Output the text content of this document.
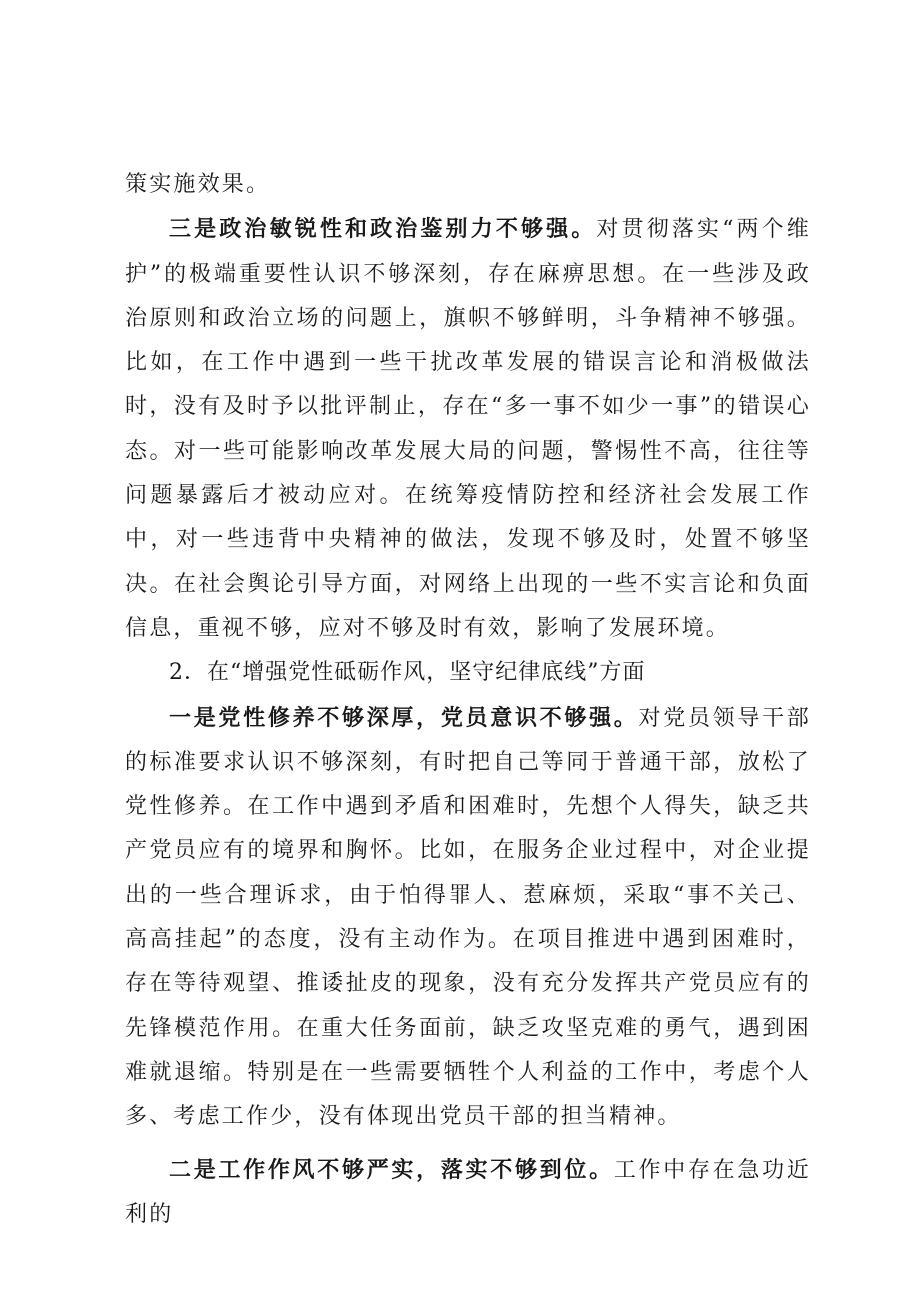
策实施效果。

三是政治敏锐性和政治鉴别力不够强。对贯彻落实“两个维护”的极端重要性认识不够深刻，存在麻痹思想。在一些涉及政治原则和政治立场的问题上，旗帜不够鲜明，斗争精神不够强。比如，在工作中遇到一些干扰改革发展的错误言论和消极做法时，没有及时予以批评制止，存在“多一事不如少一事”的错误心态。对一些可能影响改革发展大局的问题，警惕性不高，往往等问题暴露后才被动应对。在统筹疫情防控和经济社会发展工作中，对一些违背中央精神的做法，发现不够及时，处置不够坚决。在社会舆论引导方面，对网络上出现的一些不实言论和负面信息，重视不够，应对不够及时有效，影响了发展环境。

2．在“增强党性砥砺作风，坚守纪律底线”方面

一是党性修养不够深厚，党员意识不够强。对党员领导干部的标准要求认识不够深刻，有时把自己等同于普通干部，放松了党性修养。在工作中遇到矛盾和困难时，先想个人得失，缺乏共产党员应有的境界和胸怀。比如，在服务企业过程中，对企业提出的一些合理诉求，由于怕得罪人、惹麻烦，采取“事不关己、高高挂起”的态度，没有主动作为。在项目推进中遇到困难时，存在等待观望、推诿扯皮的现象，没有充分发挥共产党员应有的先锋模范作用。在重大任务面前，缺乏攻坚克难的勇气，遇到困难就退缩。特别是在一些需要牺牲个人利益的工作中，考虑个人多、考虑工作少，没有体现出党员干部的担当精神。

二是工作作风不够严实，落实不够到位。工作中存在急功近利的
